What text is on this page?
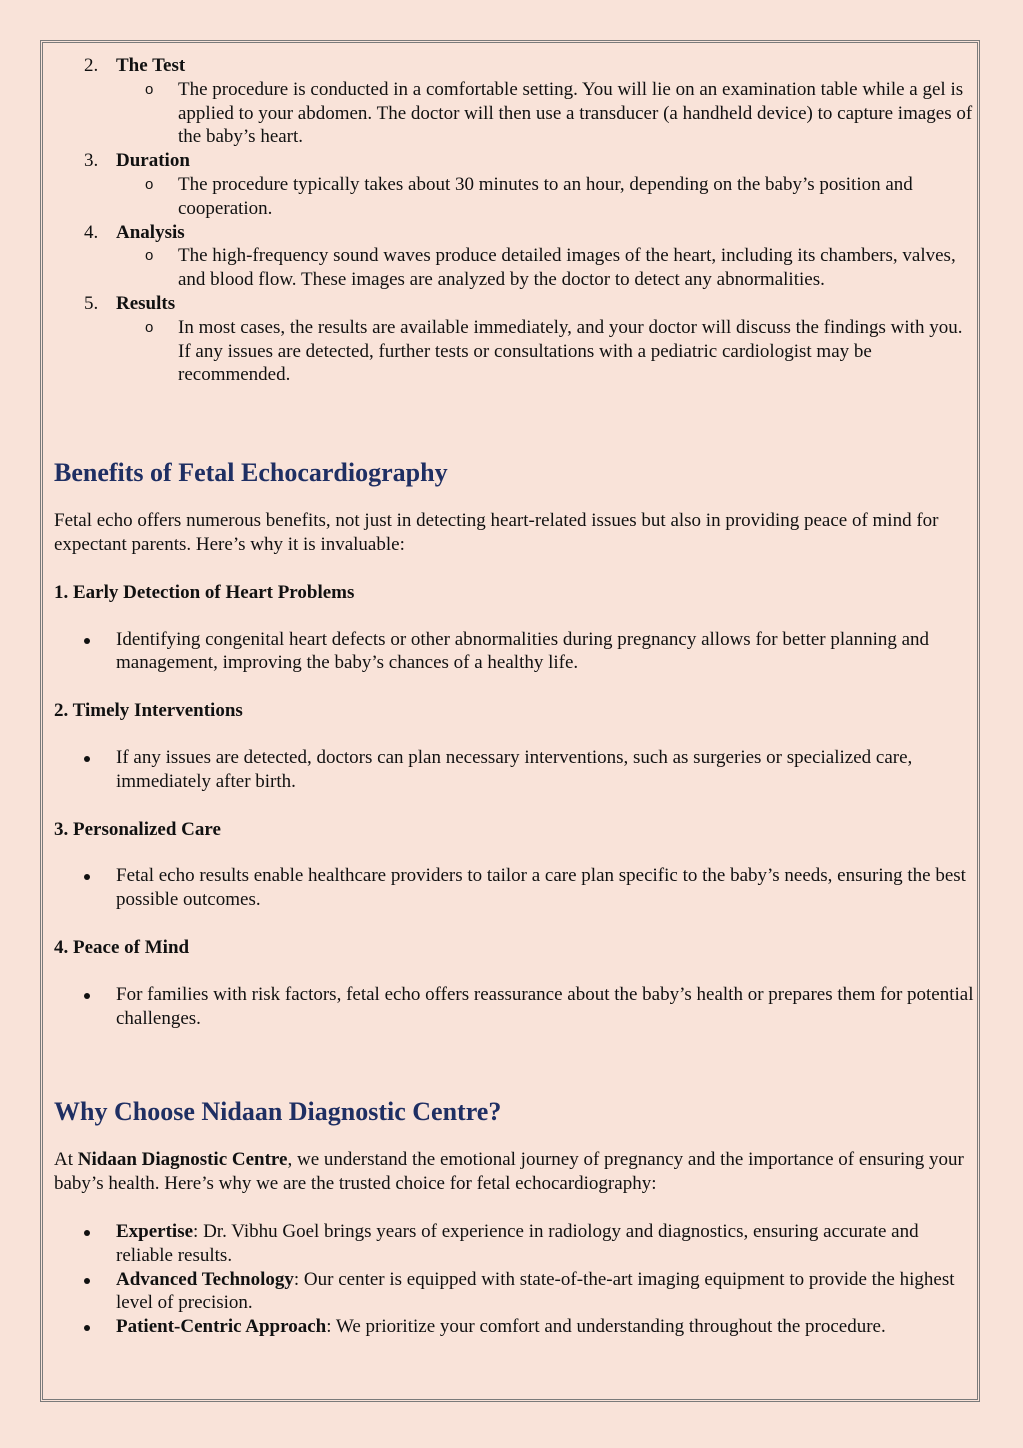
2. The Test
o The procedure is conducted in a comfortable setting. You will lie on an examination table while a gel is applied to your abdomen. The doctor will then use a transducer (a handheld device) to capture images of the baby’s heart.
3. Duration
o The procedure typically takes about 30 minutes to an hour, depending on the baby’s position and cooperation.
4. Analysis
o The high-frequency sound waves produce detailed images of the heart, including its chambers, valves, and blood flow. These images are analyzed by the doctor to detect any abnormalities.
5. Results
o In most cases, the results are available immediately, and your doctor will discuss the findings with you. If any issues are detected, further tests or consultations with a pediatric cardiologist may be recommended.
Benefits of Fetal Echocardiography

Fetal echo offers numerous benefits, not just in detecting heart-related issues but also in providing peace of mind for expectant parents. Here’s why it is invaluable:

1. Early Detection of Heart Problems

Identifying congenital heart defects or other abnormalities during pregnancy allows for better planning and management, improving the baby’s chances of a healthy life.

2. Timely Interventions

If any issues are detected, doctors can plan necessary interventions, such as surgeries or specialized care, immediately after birth.

3. Personalized Care

Fetal echo results enable healthcare providers to tailor a care plan specific to the baby’s needs, ensuring the best possible outcomes.

4. Peace of Mind

For families with risk factors, fetal echo offers reassurance about the baby’s health or prepares them for potential challenges.
Why Choose Nidaan Diagnostic Centre?

At Nidaan Diagnostic Centre, we understand the emotional journey of pregnancy and the importance of ensuring your baby’s health. Here’s why we are the trusted choice for fetal echocardiography:

Expertise: Dr. Vibhu Goel brings years of experience in radiology and diagnostics, ensuring accurate and reliable results.
Advanced Technology: Our center is equipped with state-of-the-art imaging equipment to provide the highest level of precision.
Patient-Centric Approach: We prioritize your comfort and understanding throughout the procedure.
